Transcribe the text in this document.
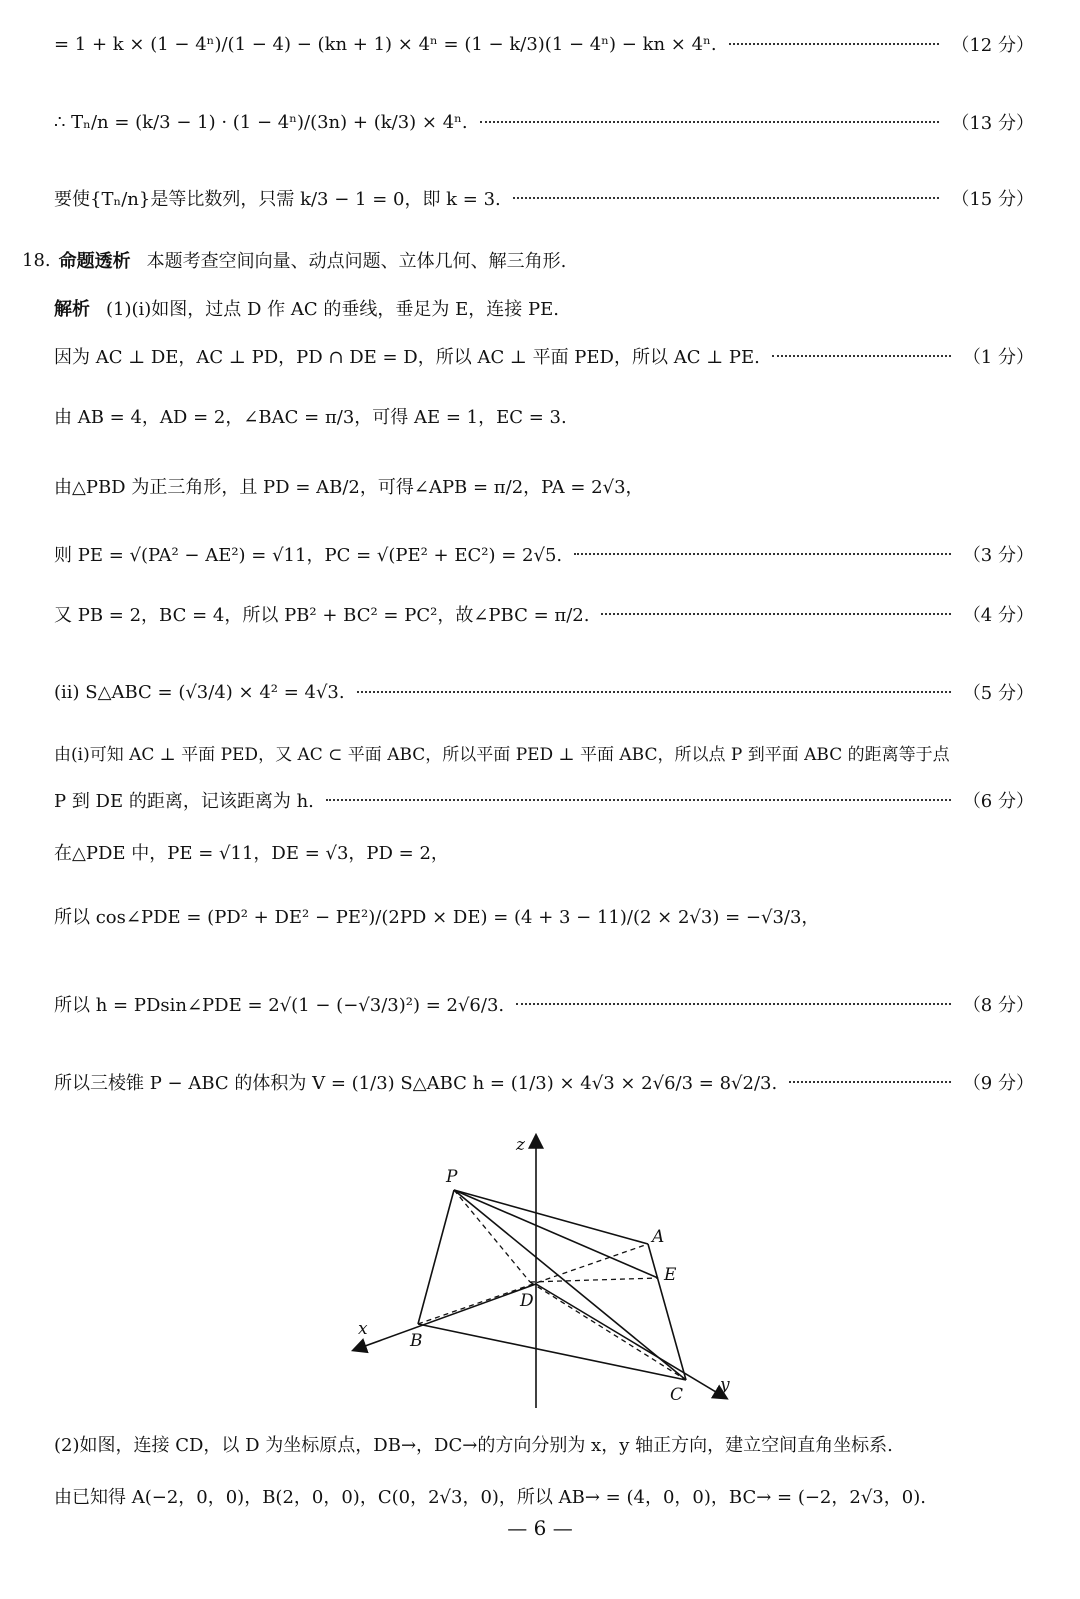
= 1 + k × (1 − 4ⁿ)/(1 − 4) − (kn + 1) × 4ⁿ = (1 − k/3)(1 − 4ⁿ) − kn × 4ⁿ.	（12 分）
∴ Tₙ/n = (k/3 − 1) · (1 − 4ⁿ)/(3n) + (k/3) × 4ⁿ.	（13 分）
要使{Tₙ/n}是等比数列，只需 k/3 − 1 = 0，即 k = 3.	（15 分）
18. 命题透析 本题考查空间向量、动点问题、立体几何、解三角形.
解析 (1)(ⅰ)如图，过点 D 作 AC 的垂线，垂足为 E，连接 PE.
因为 AC ⊥ DE，AC ⊥ PD，PD ∩ DE = D，所以 AC ⊥ 平面 PED，所以 AC ⊥ PE.	（1 分）
由 AB = 4，AD = 2，∠BAC = π/3，可得 AE = 1，EC = 3.
由△PBD 为正三角形，且 PD = AB/2，可得∠APB = π/2，PA = 2√3，
则 PE = √(PA² − AE²) = √11，PC = √(PE² + EC²) = 2√5.	（3 分）
又 PB = 2，BC = 4，所以 PB² + BC² = PC²，故∠PBC = π/2.	（4 分）
(ⅱ) S△ABC = (√3/4) × 4² = 4√3.	（5 分）
由(ⅰ)可知 AC ⊥ 平面 PED，又 AC ⊂ 平面 ABC，所以平面 PED ⊥ 平面 ABC，所以点 P 到平面 ABC 的距离等于点
P 到 DE 的距离，记该距离为 h.	（6 分）
在△PDE 中，PE = √11，DE = √3，PD = 2，
所以 cos∠PDE = (PD² + DE² − PE²)/(2PD × DE) = (4 + 3 − 11)/(2 × 2√3) = −√3/3，
所以 h = PDsin∠PDE = 2√(1 − (−√3/3)²) = 2√6/3.	（8 分）
所以三棱锥 P − ABC 的体积为 V = (1/3) S△ABC h = (1/3) × 4√3 × 2√6/3 = 8√2/3.	（9 分）
z
x
y
P
A
E
D
B
C
(2)如图，连接 CD，以 D 为坐标原点，DB→，DC→的方向分别为 x，y 轴正方向，建立空间直角坐标系.
由已知得 A(−2，0，0)，B(2，0，0)，C(0，2√3，0)，所以 AB→ = (4，0，0)，BC→ = (−2，2√3，0).
— 6 —
